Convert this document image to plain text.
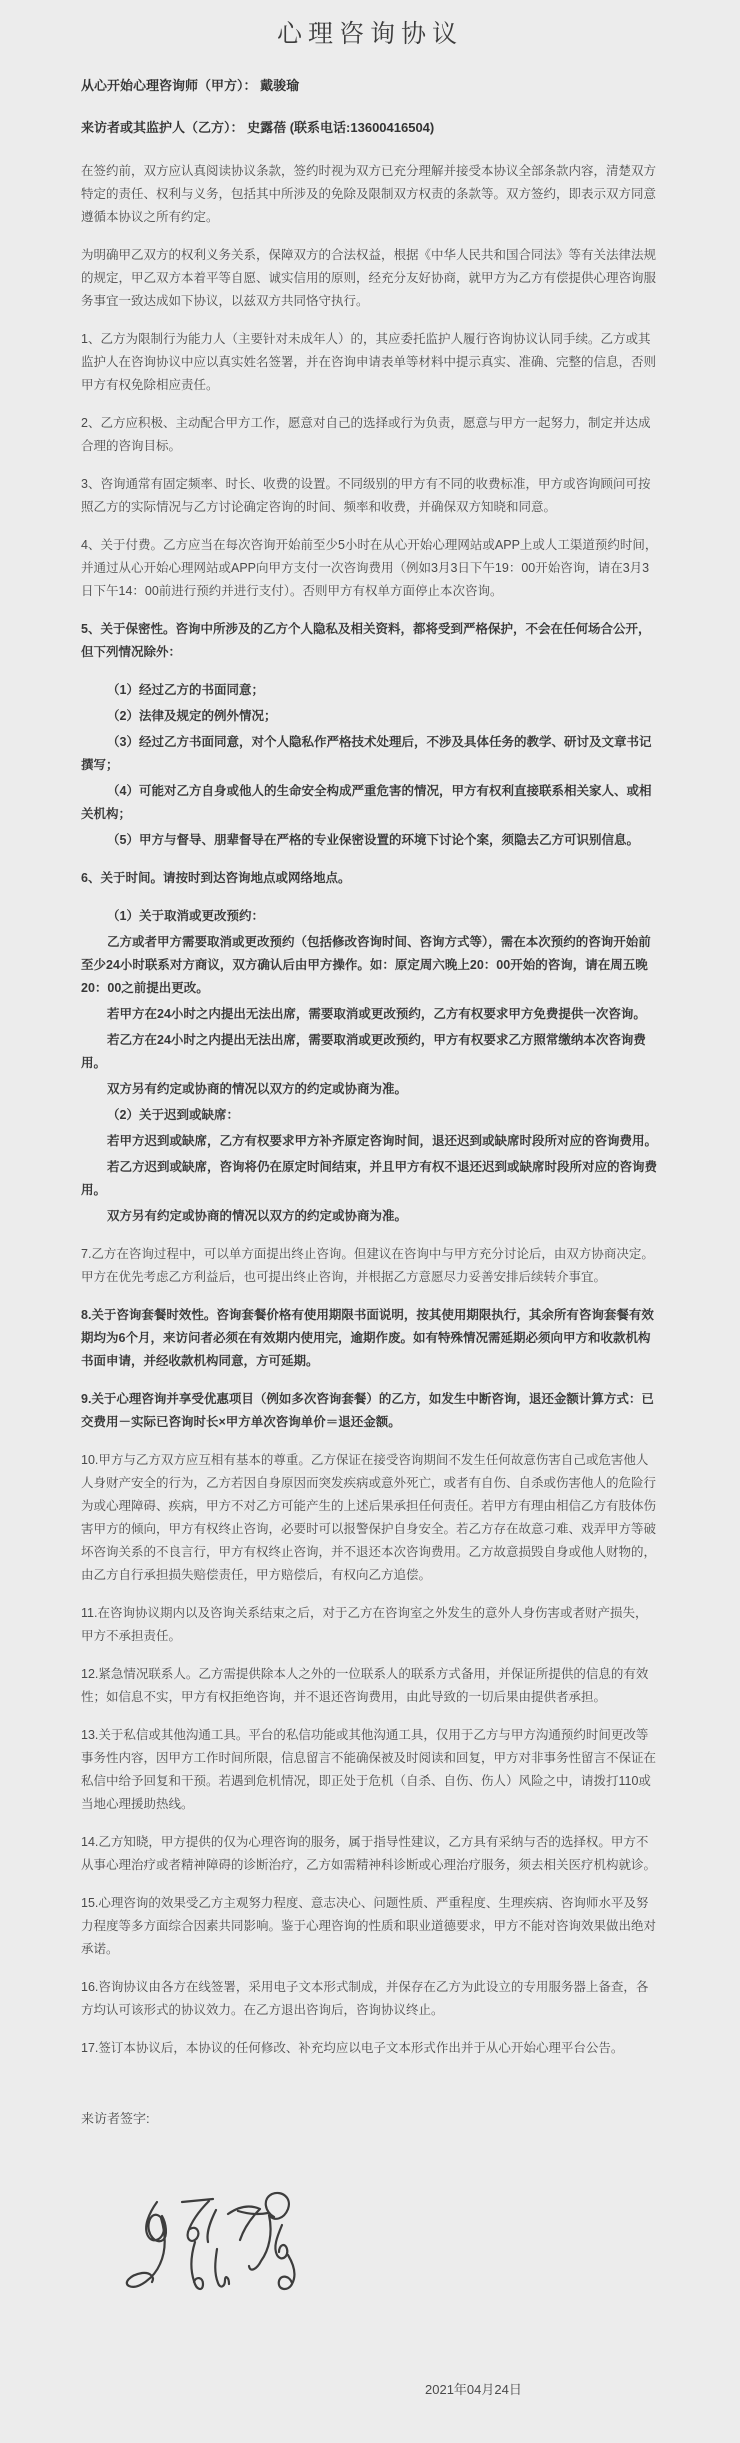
心理咨询协议

从心开始心理咨询师（甲方）： 戴骏瑜

来访者或其监护人（乙方）： 史露蓓 (联系电话:13600416504)

在签约前，双方应认真阅读协议条款，签约时视为双方已充分理解并接受本协议全部条款内容，清楚双方特定的责任、权利与义务，包括其中所涉及的免除及限制双方权责的条款等。双方签约，即表示双方同意遵循本协议之所有约定。

为明确甲乙双方的权利义务关系，保障双方的合法权益，根据《中华人民共和国合同法》等有关法律法规的规定，甲乙双方本着平等自愿、诚实信用的原则，经充分友好协商，就甲方为乙方有偿提供心理咨询服务事宜一致达成如下协议，以兹双方共同恪守执行。

1、乙方为限制行为能力人（主要针对未成年人）的，其应委托监护人履行咨询协议认同手续。乙方或其监护人在咨询协议中应以真实姓名签署，并在咨询申请表单等材料中提示真实、准确、完整的信息，否则甲方有权免除相应责任。

2、乙方应积极、主动配合甲方工作，愿意对自己的选择或行为负责，愿意与甲方一起努力，制定并达成合理的咨询目标。

3、咨询通常有固定频率、时长、收费的设置。不同级别的甲方有不同的收费标准，甲方或咨询顾问可按照乙方的实际情况与乙方讨论确定咨询的时间、频率和收费，并确保双方知晓和同意。

4、关于付费。乙方应当在每次咨询开始前至少5小时在从心开始心理网站或APP上或人工渠道预约时间，并通过从心开始心理网站或APP向甲方支付一次咨询费用（例如3月3日下午19：00开始咨询，请在3月3日下午14：00前进行预约并进行支付）。否则甲方有权单方面停止本次咨询。

5、关于保密性。咨询中所涉及的乙方个人隐私及相关资料，都将受到严格保护，不会在任何场合公开，但下列情况除外：

（1）经过乙方的书面同意；

（2）法律及规定的例外情况；

（3）经过乙方书面同意，对个人隐私作严格技术处理后，不涉及具体任务的教学、研讨及文章书记撰写；

（4）可能对乙方自身或他人的生命安全构成严重危害的情况，甲方有权利直接联系相关家人、或相关机构；

（5）甲方与督导、朋辈督导在严格的专业保密设置的环境下讨论个案，须隐去乙方可识别信息。

6、关于时间。请按时到达咨询地点或网络地点。

（1）关于取消或更改预约：

乙方或者甲方需要取消或更改预约（包括修改咨询时间、咨询方式等），需在本次预约的咨询开始前至少24小时联系对方商议，双方确认后由甲方操作。如：原定周六晚上20：00开始的咨询，请在周五晚20：00之前提出更改。

若甲方在24小时之内提出无法出席，需要取消或更改预约，乙方有权要求甲方免费提供一次咨询。

若乙方在24小时之内提出无法出席，需要取消或更改预约，甲方有权要求乙方照常缴纳本次咨询费用。

双方另有约定或协商的情况以双方的约定或协商为准。

（2）关于迟到或缺席：

若甲方迟到或缺席，乙方有权要求甲方补齐原定咨询时间，退还迟到或缺席时段所对应的咨询费用。

若乙方迟到或缺席，咨询将仍在原定时间结束，并且甲方有权不退还迟到或缺席时段所对应的咨询费用。

双方另有约定或协商的情况以双方的约定或协商为准。

7.乙方在咨询过程中，可以单方面提出终止咨询。但建议在咨询中与甲方充分讨论后，由双方协商决定。甲方在优先考虑乙方利益后，也可提出终止咨询，并根据乙方意愿尽力妥善安排后续转介事宜。

8.关于咨询套餐时效性。咨询套餐价格有使用期限书面说明，按其使用期限执行，其余所有咨询套餐有效期均为6个月，来访问者必须在有效期内使用完，逾期作废。如有特殊情况需延期必须向甲方和收款机构书面申请，并经收款机构同意，方可延期。

9.关于心理咨询并享受优惠项目（例如多次咨询套餐）的乙方，如发生中断咨询，退还金额计算方式：已交费用－实际已咨询时长×甲方单次咨询单价＝退还金额。

10.甲方与乙方双方应互相有基本的尊重。乙方保证在接受咨询期间不发生任何故意伤害自己或危害他人人身财产安全的行为，乙方若因自身原因而突发疾病或意外死亡，或者有自伤、自杀或伤害他人的危险行为或心理障碍、疾病，甲方不对乙方可能产生的上述后果承担任何责任。若甲方有理由相信乙方有肢体伤害甲方的倾向，甲方有权终止咨询，必要时可以报警保护自身安全。若乙方存在故意刁难、戏弄甲方等破坏咨询关系的不良言行，甲方有权终止咨询，并不退还本次咨询费用。乙方故意损毁自身或他人财物的，由乙方自行承担损失赔偿责任，甲方赔偿后，有权向乙方追偿。

11.在咨询协议期内以及咨询关系结束之后，对于乙方在咨询室之外发生的意外人身伤害或者财产损失，甲方不承担责任。

12.紧急情况联系人。乙方需提供除本人之外的一位联系人的联系方式备用，并保证所提供的信息的有效性；如信息不实，甲方有权拒绝咨询，并不退还咨询费用，由此导致的一切后果由提供者承担。

13.关于私信或其他沟通工具。平台的私信功能或其他沟通工具，仅用于乙方与甲方沟通预约时间更改等事务性内容，因甲方工作时间所限，信息留言不能确保被及时阅读和回复，甲方对非事务性留言不保证在私信中给予回复和干预。若遇到危机情况，即正处于危机（自杀、自伤、伤人）风险之中，请拨打110或当地心理援助热线。

14.乙方知晓，甲方提供的仅为心理咨询的服务，属于指导性建议，乙方具有采纳与否的选择权。甲方不从事心理治疗或者精神障碍的诊断治疗，乙方如需精神科诊断或心理治疗服务，须去相关医疗机构就诊。

15.心理咨询的效果受乙方主观努力程度、意志决心、问题性质、严重程度、生理疾病、咨询师水平及努力程度等多方面综合因素共同影响。鉴于心理咨询的性质和职业道德要求，甲方不能对咨询效果做出绝对承诺。

16.咨询协议由各方在线签署，采用电子文本形式制成，并保存在乙方为此设立的专用服务器上备查，各方均认可该形式的协议效力。在乙方退出咨询后，咨询协议终止。

17.签订本协议后，本协议的任何修改、补充均应以电子文本形式作出并于从心开始心理平台公告。

来访者签字:

2021年04月24日
